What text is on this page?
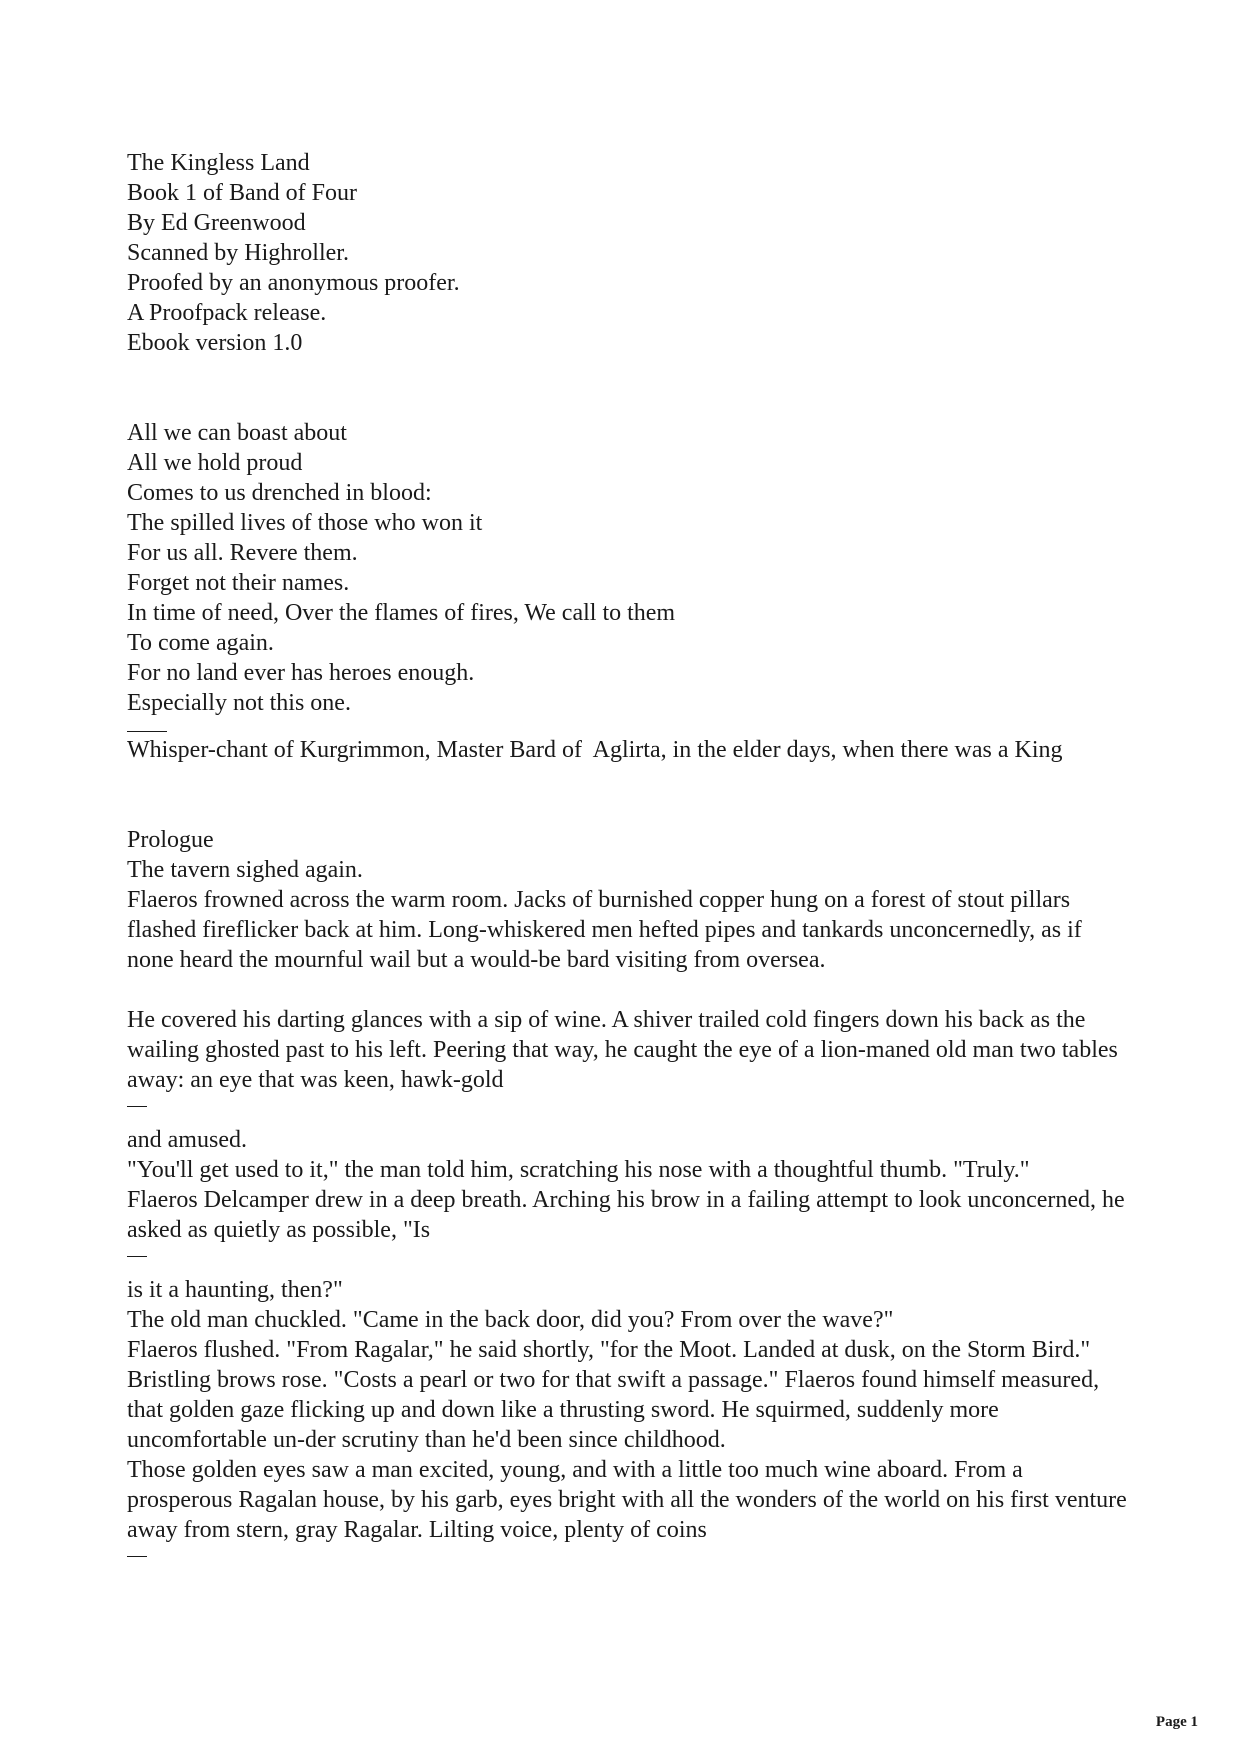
The Kingless Land
Book 1 of Band of Four
By Ed Greenwood
Scanned by Highroller.
Proofed by an anonymous proofer.
A Proofpack release.
Ebook version 1.0
All we can boast about
All we hold proud
Comes to us drenched in blood:
The spilled lives of those who won it
For us all. Revere them.
Forget not their names.
In time of need, Over the flames of fires, We call to them
To come again.
For no land ever has heroes enough.
Especially not this one.
Whisper-chant of Kurgrimmon, Master Bard of  Aglirta, in the elder days, when there was a King
Prologue
The tavern sighed again.
Flaeros frowned across the warm room. Jacks of burnished copper hung on a forest of stout pillars flashed fireflicker back at him. Long-whiskered men hefted pipes and tankards unconcernedly, as if none heard the mournful wail but a would-be bard visiting from oversea.
He covered his darting glances with a sip of wine. A shiver trailed cold fingers down his back as the wailing ghosted past to his left. Peering that way, he caught the eye of a lion-maned old man two tables away: an eye that was keen, hawk-gold
and amused.
"You'll get used to it," the man told him, scratching his nose with a thoughtful thumb. "Truly."
Flaeros Delcamper drew in a deep breath. Arching his brow in a failing attempt to look unconcerned, he asked as quietly as possible, "Is
is it a haunting, then?"
The old man chuckled. "Came in the back door, did you? From over the wave?"
Flaeros flushed. "From Ragalar," he said shortly, "for the Moot. Landed at dusk, on the Storm Bird."
Bristling brows rose. "Costs a pearl or two for that swift a passage." Flaeros found himself measured, that golden gaze flicking up and down like a thrusting sword. He squirmed, suddenly more uncomfortable un-der scrutiny than he'd been since childhood.
Those golden eyes saw a man excited, young, and with a little too much wine aboard. From a prosperous Ragalan house, by his garb, eyes bright with all the wonders of the world on his first venture away from stern, gray Ragalar. Lilting voice, plenty of coins
Page 1
